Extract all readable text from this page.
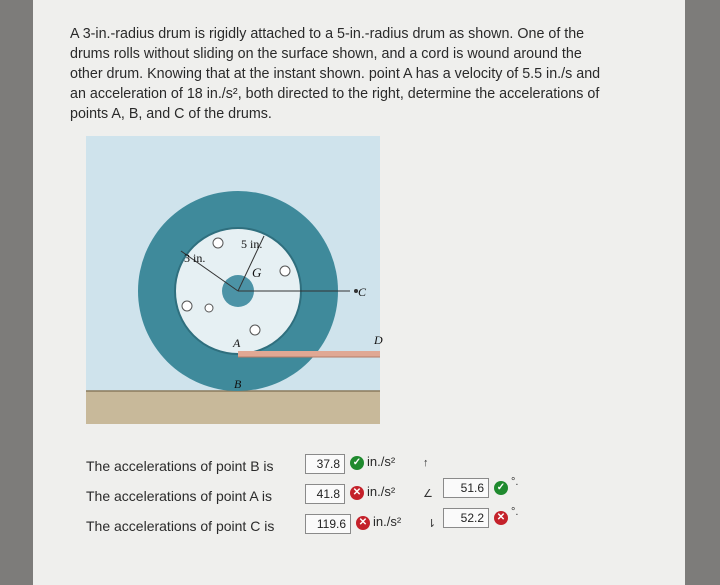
A 3-in.-radius drum is rigidly attached to a 5-in.-radius drum as shown. One of the
drums rolls without sliding on the surface shown, and a cord is wound around the
other drum. Knowing that at the instant shown. point A has a velocity of 5.5 in./s and
an acceleration of 18 in./s², both directed to the right, determine the accelerations of
points A, B, and C of the drums.
5 in.
3 in.
G
C
D
A
B
The accelerations of point B is	37.8	✓ in./s²	↑
The accelerations of point A is	41.8	✕ in./s²	∠	51.6	✓ °.
The accelerations of point C is	119.6	✕ in./s² ⇂	52.2	✕ °.
